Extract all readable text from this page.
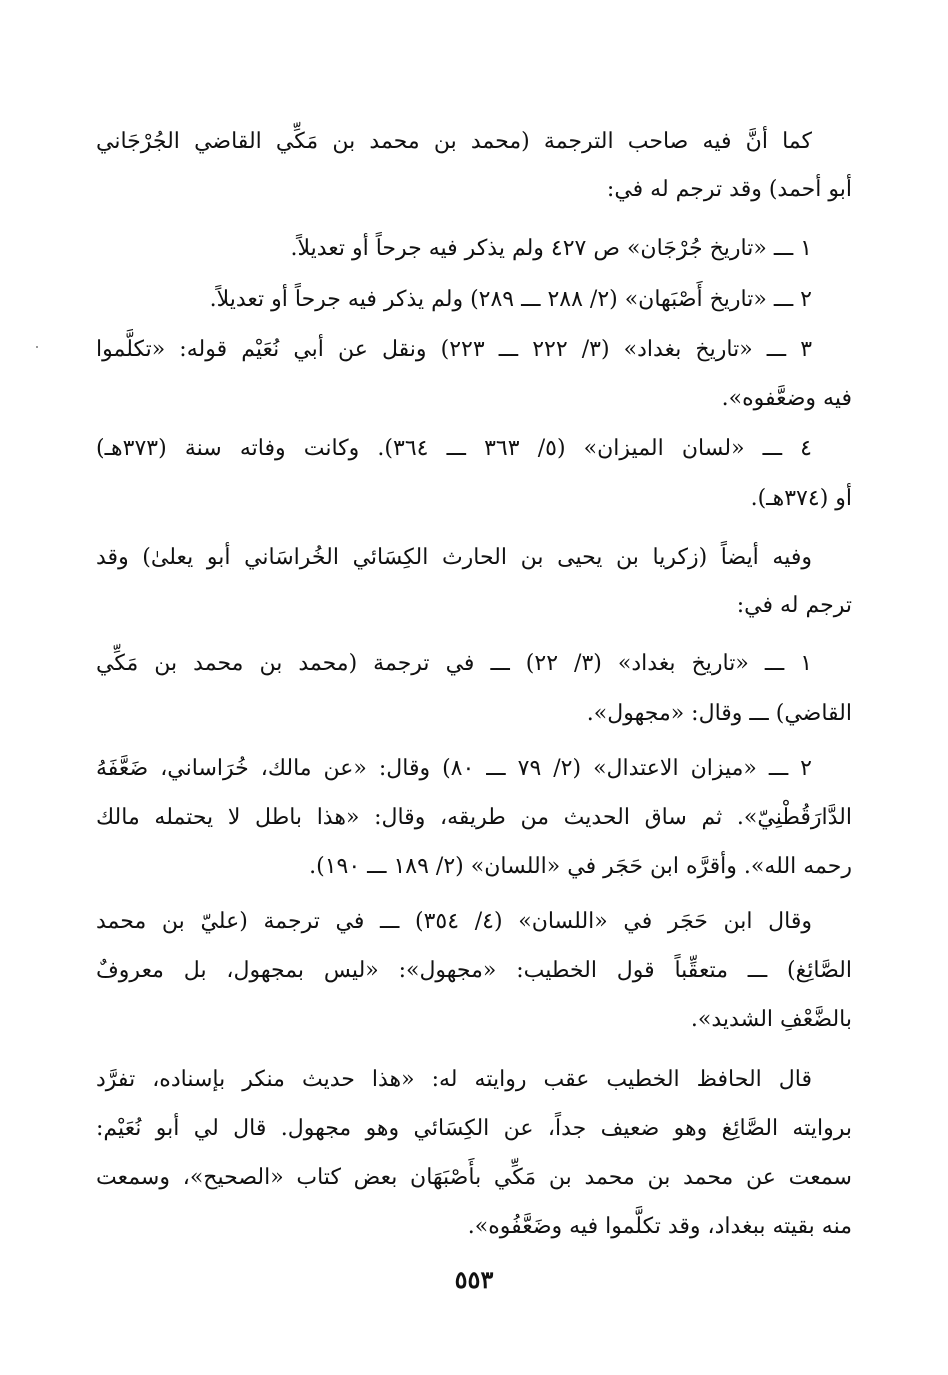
كما أنَّ فيه صاحب الترجمة (محمد بن محمد بن مَكِّي القاضي الجُرْجَاني
أبو أحمد) وقد ترجم له في:
١ ـــ «تاريخ جُرْجَان» ص ٤٢٧ ولم يذكر فيه جرحاً أو تعديلاً.
٢ ـــ «تاريخ أَصْبَهان» (٢/ ٢٨٨ ـــ ٢٨٩) ولم يذكر فيه جرحاً أو تعديلاً.
٣ ـــ «تاريخ بغداد» (٣/ ٢٢٢ ـــ ٢٢٣) ونقل عن أبي نُعَيْم قوله: «تكلَّموا
فيه وضعَّفوه».
٤ ـــ «لسان الميزان» (٥/ ٣٦٣ ـــ ٣٦٤). وكانت وفاته سنة (٣٧٣هـ)
أو (٣٧٤هـ).
وفيه أيضاً (زكريا بن يحيى بن الحارث الكِسَائي الخُراسَاني أبو يعلىٰ) وقد
ترجم له في:
١ ـــ «تاريخ بغداد» (٣/ ٢٢) ـــ في ترجمة (محمد بن محمد بن مَكِّي
القاضي) ـــ وقال: «مجهول».
٢ ـــ «ميزان الاعتدال» (٢/ ٧٩ ـــ ٨٠) وقال: «عن مالك، خُرَاساني، ضَعَّفَهُ
الدَّارَقُطْنِيّ». ثم ساق الحديث من طريقه، وقال: «هذا باطل لا يحتمله مالك
رحمه الله». وأقرَّه ابن حَجَر في «اللسان» (٢/ ١٨٩ ـــ ١٩٠).
وقال ابن حَجَر في «اللسان» (٤/ ٣٥٤) ـــ في ترجمة (عليّ بن محمد
الصَّائِغ) ـــ متعقِّباً قول الخطيب: «مجهول»: «ليس بمجهول، بل معروفٌ
بالضَّعْفِ الشديد».
قال الحافظ الخطيب عقب روايته له: «هذا حديث منكر بإسناده، تفرَّد
بروايته الصَّائِغ وهو ضعيف جداً، عن الكِسَائي وهو مجهول. قال لي أبو نُعَيْم:
سمعت عن محمد بن محمد بن مَكِّي بأَصْبَهَان بعض كتاب «الصحيح»، وسمعت
منه بقيته ببغداد، وقد تكلَّموا فيه وضَعَّفُوه».
٥٥٣
